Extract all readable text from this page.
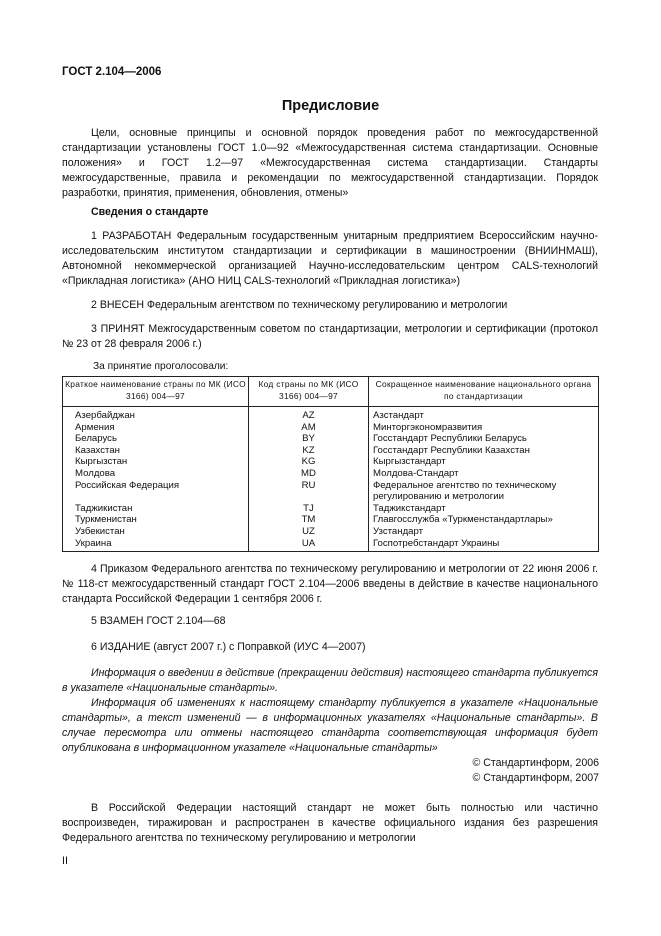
ГОСТ 2.104—2006
Предисловие

Цели, основные принципы и основной порядок проведения работ по межгосударственной стандартизации установлены ГОСТ 1.0—92 «Межгосударственная система стандартизации. Основные положения» и ГОСТ 1.2—97 «Межгосударственная система стандартизации. Стандарты межгосударственные, правила и рекомендации по межгосударственной стандартизации. Порядок разработки, принятия, применения, обновления, отмены»

Сведения о стандарте

1 РАЗРАБОТАН Федеральным государственным унитарным предприятием Всероссийским научно-исследовательским институтом стандартизации и сертификации в машиностроении (ВНИИНМАШ), Автономной некоммерческой организацией Научно-исследовательским центром CALS-технологий «Прикладная логистика» (АНО НИЦ CALS-технологий «Прикладная логистика»)

2 ВНЕСЕН Федеральным агентством по техническому регулированию и метрологии

3 ПРИНЯТ Межгосударственным советом по стандартизации, метрологии и сертификации (протокол № 23 от 28 февраля 2006 г.)

За принятие проголосовали:
Краткое наименование страны по МК (ИСО 3166) 004—97	Код страны по МК (ИСО 3166) 004—97	Сокращенное наименование национального органа по стандартизации
Азербайджан	AZ	Азстандарт
Армения	AM	Минторгэкономразвития
Беларусь	BY	Госстандарт Республики Беларусь
Казахстан	KZ	Госстандарт Республики Казахстан
Кыргызстан	KG	Кыргызстандарт
Молдова	MD	Молдова-Стандарт
Российская Федерация	RU	Федеральное агентство по техническому регулированию и метрологии
Таджикистан	TJ	Таджикстандарт
Туркменистан	TM	Главгосслужба «Туркменстандартлары»
Узбекистан	UZ	Узстандарт
Украина	UA	Госпотребстандарт Украины

4 Приказом Федерального агентства по техническому регулированию и метрологии от 22 июня 2006 г. № 118-ст межгосударственный стандарт ГОСТ 2.104—2006 введены в действие в качестве национального стандарта Российской Федерации 1 сентября 2006 г.

5 ВЗАМЕН ГОСТ 2.104—68
6 ИЗДАНИЕ (август 2007 г.) с Поправкой (ИУС 4—2007)

Информация о введении в действие (прекращении действия) настоящего стандарта публикуется в указателе «Национальные стандарты».

Информация об изменениях к настоящему стандарту публикуется в указателе «Национальные стандарты», а текст изменений — в информационных указателях «Национальные стандарты». В случае пересмотра или отмены настоящего стандарта соответствующая информация будет опубликована в информационном указателе «Национальные стандарты»

© Стандартинформ, 2006
© Стандартинформ, 2007

В Российской Федерации настоящий стандарт не может быть полностью или частично воспроизведен, тиражирован и распространен в качестве официального издания без разрешения Федерального агентства по техническому регулированию и метрологии

II
